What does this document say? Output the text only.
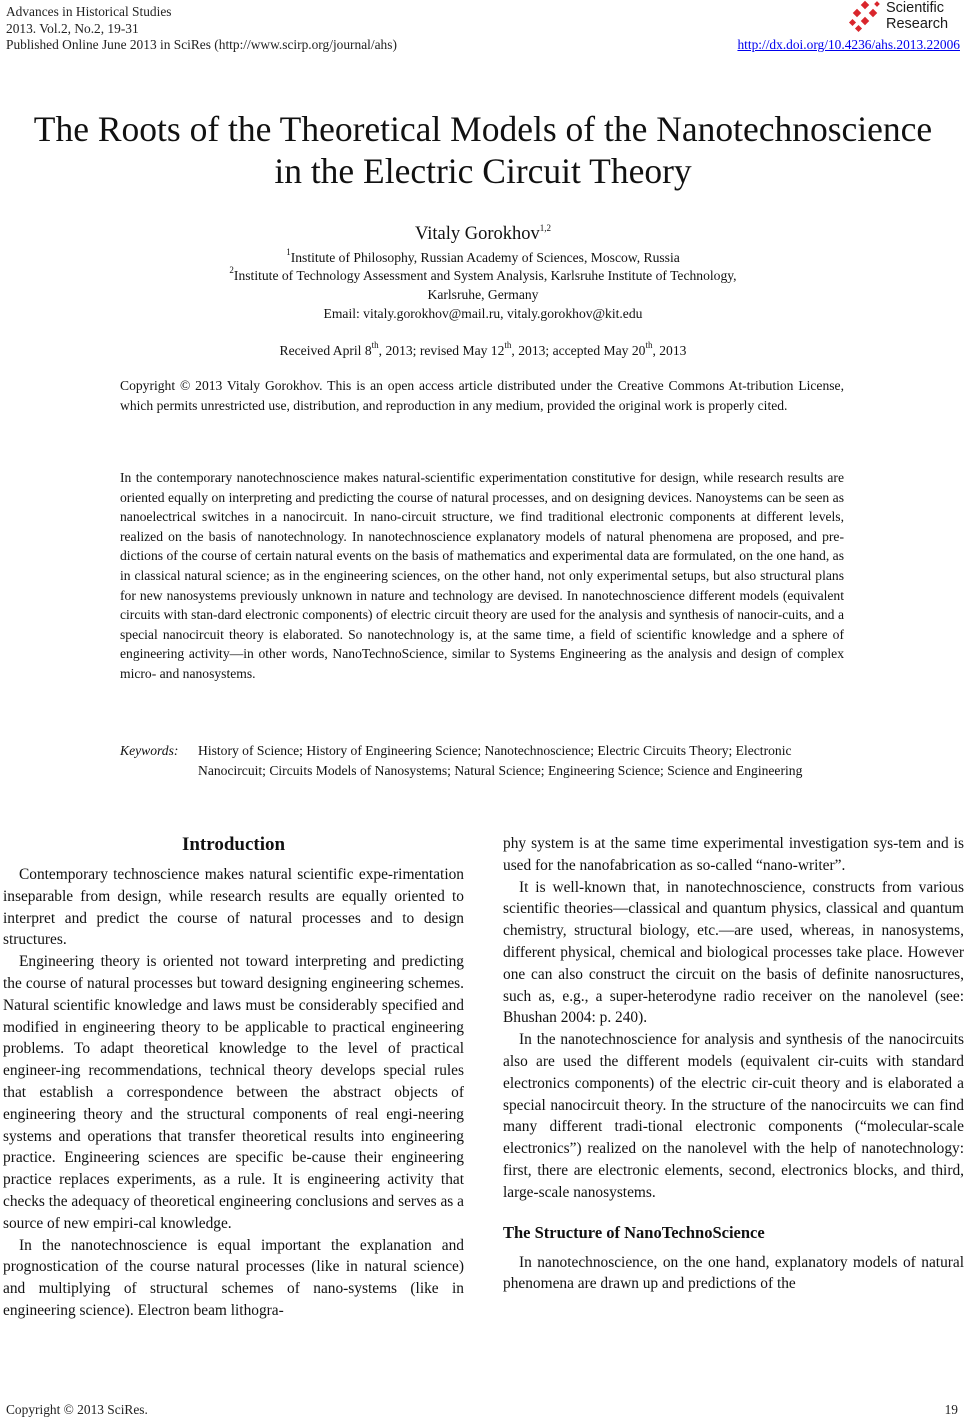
Advances in Historical Studies
2013. Vol.2, No.2, 19-31
Published Online June 2013 in SciRes (http://www.scirp.org/journal/ahs)
Scientific
Research
http://dx.doi.org/10.4236/ahs.2013.22006
The Roots of the Theoretical Models of the Nanotechnoscience
in the Electric Circuit Theory
Vitaly Gorokhov$^{1,2}$
$^1$Institute of Philosophy, Russian Academy of Sciences, Moscow, Russia
$^2$Institute of Technology Assessment and System Analysis, Karlsruhe Institute of Technology,
Karlsruhe, Germany
Email: vitaly.gorokhov@mail.ru, vitaly.gorokhov@kit.edu
Received April 8th, 2013; revised May 12th, 2013; accepted May 20th, 2013
Copyright © 2013 Vitaly Gorokhov. This is an open access article distributed under the Creative Commons At-tribution License, which permits unrestricted use, distribution, and reproduction in any medium, provided the original work is properly cited.
In the contemporary nanotechnoscience makes natural-scientific experimentation constitutive for design, while research results are oriented equally on interpreting and predicting the course of natural processes, and on designing devices. Nanoystems can be seen as nanoelectrical switches in a nanocircuit. In nano-circuit structure, we find traditional electronic components at different levels, realized on the basis of nanotechnology. In nanotechnoscience explanatory models of natural phenomena are proposed, and pre-dictions of the course of certain natural events on the basis of mathematics and experimental data are formulated, on the one hand, as in classical natural science; as in the engineering sciences, on the other hand, not only experimental setups, but also structural plans for new nanosystems previously unknown in nature and technology are devised. In nanotechnoscience different models (equivalent circuits with stan-dard electronic components) of electric circuit theory are used for the analysis and synthesis of nanocir-cuits, and a special nanocircuit theory is elaborated. So nanotechnology is, at the same time, a field of scientific knowledge and a sphere of engineering activity—in other words, NanoTechnoScience, similar to Systems Engineering as the analysis and design of complex micro- and nanosystems.
Keywords: History of Science; History of Engineering Science; Nanotechnoscience; Electric Circuits Theory; Electronic Nanocircuit; Circuits Models of Nanosystems; Natural Science; Engineering Science; Science and Engineering
Introduction

Contemporary technoscience makes natural scientific expe-rimentation inseparable from design, while research results are equally oriented to interpret and predict the course of natural processes and to design structures.

Engineering theory is oriented not toward interpreting and predicting the course of natural processes but toward designing engineering schemes. Natural scientific knowledge and laws must be considerably specified and modified in engineering theory to be applicable to practical engineering problems. To adapt theoretical knowledge to the level of practical engineer-ing recommendations, technical theory develops special rules that establish a correspondence between the abstract objects of engineering theory and the structural components of real engi-neering systems and operations that transfer theoretical results into engineering practice. Engineering sciences are specific be-cause their engineering practice replaces experiments, as a rule. It is engineering activity that checks the adequacy of theoretical engineering conclusions and serves as a source of new empiri-cal knowledge.

In the nanotechnoscience is equal important the explanation and prognostication of the course natural processes (like in natural science) and multiplying of structural schemes of nano-systems (like in engineering science). Electron beam lithogra-

phy system is at the same time experimental investigation sys-tem and is used for the nanofabrication as so-called “nano-writer”.

It is well-known that, in nanotechnoscience, constructs from various scientific theories—classical and quantum physics, classical and quantum chemistry, structural biology, etc.—are used, whereas, in nanosystems, different physical, chemical and biological processes take place. However one can also construct the circuit on the basis of definite nanosructures, such as, e.g., a super-heterodyne radio receiver on the nanolevel (see: Bhushan 2004: p. 240).

In the nanotechnoscience for analysis and synthesis of the nanocircuits also are used the different models (equivalent cir-cuits with standard electronics components) of the electric cir-cuit theory and is elaborated a special nanocircuit theory. In the structure of the nanocircuits we can find many different tradi-tional electronic components (“molecular-scale electronics”) realized on the nanolevel with the help of nanotechnology: first, there are electronic elements, second, electronics blocks, and third, large-scale nanosystems.

The Structure of NanoTechnoScience

In nanotechnoscience, on the one hand, explanatory models of natural phenomena are drawn up and predictions of the

Copyright © 2013 SciRes.	19
